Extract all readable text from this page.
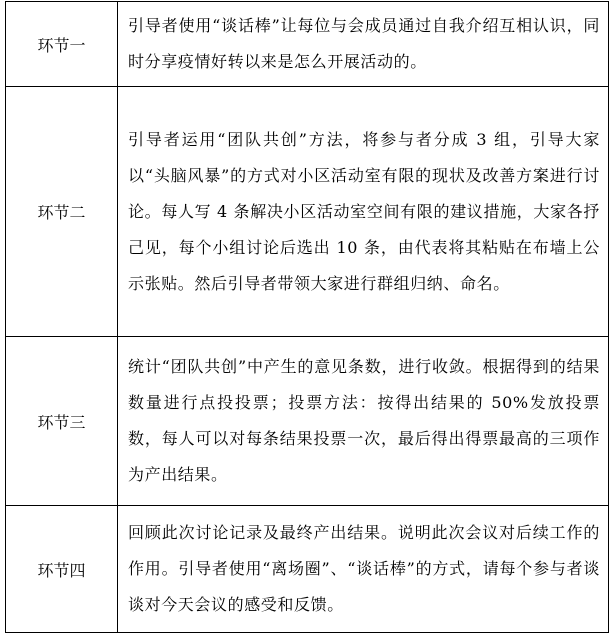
环节一	引导者使用“谈话棒”让每位与会成员通过自我介绍互相认识，同时分享疫情好转以来是怎么开展活动的。
环节二	引导者运用“团队共创”方法，将参与者分成 3 组，引导大家以“头脑风暴”的方式对小区活动室有限的现状及改善方案进行讨论。每人写 4 条解决小区活动室空间有限的建议措施，大家各抒己见，每个小组讨论后选出 10 条，由代表将其粘贴在布墙上公示张贴。然后引导者带领大家进行群组归纳、命名。
环节三	统计“团队共创”中产生的意见条数，进行收敛。根据得到的结果数量进行点投投票；投票方法：按得出结果的 50%发放投票数，每人可以对每条结果投票一次，最后得出得票最高的三项作为产出结果。
环节四	回顾此次讨论记录及最终产出结果。说明此次会议对后续工作的作用。引导者使用“离场圈”、“谈话棒”的方式，请每个参与者谈谈对今天会议的感受和反馈。
